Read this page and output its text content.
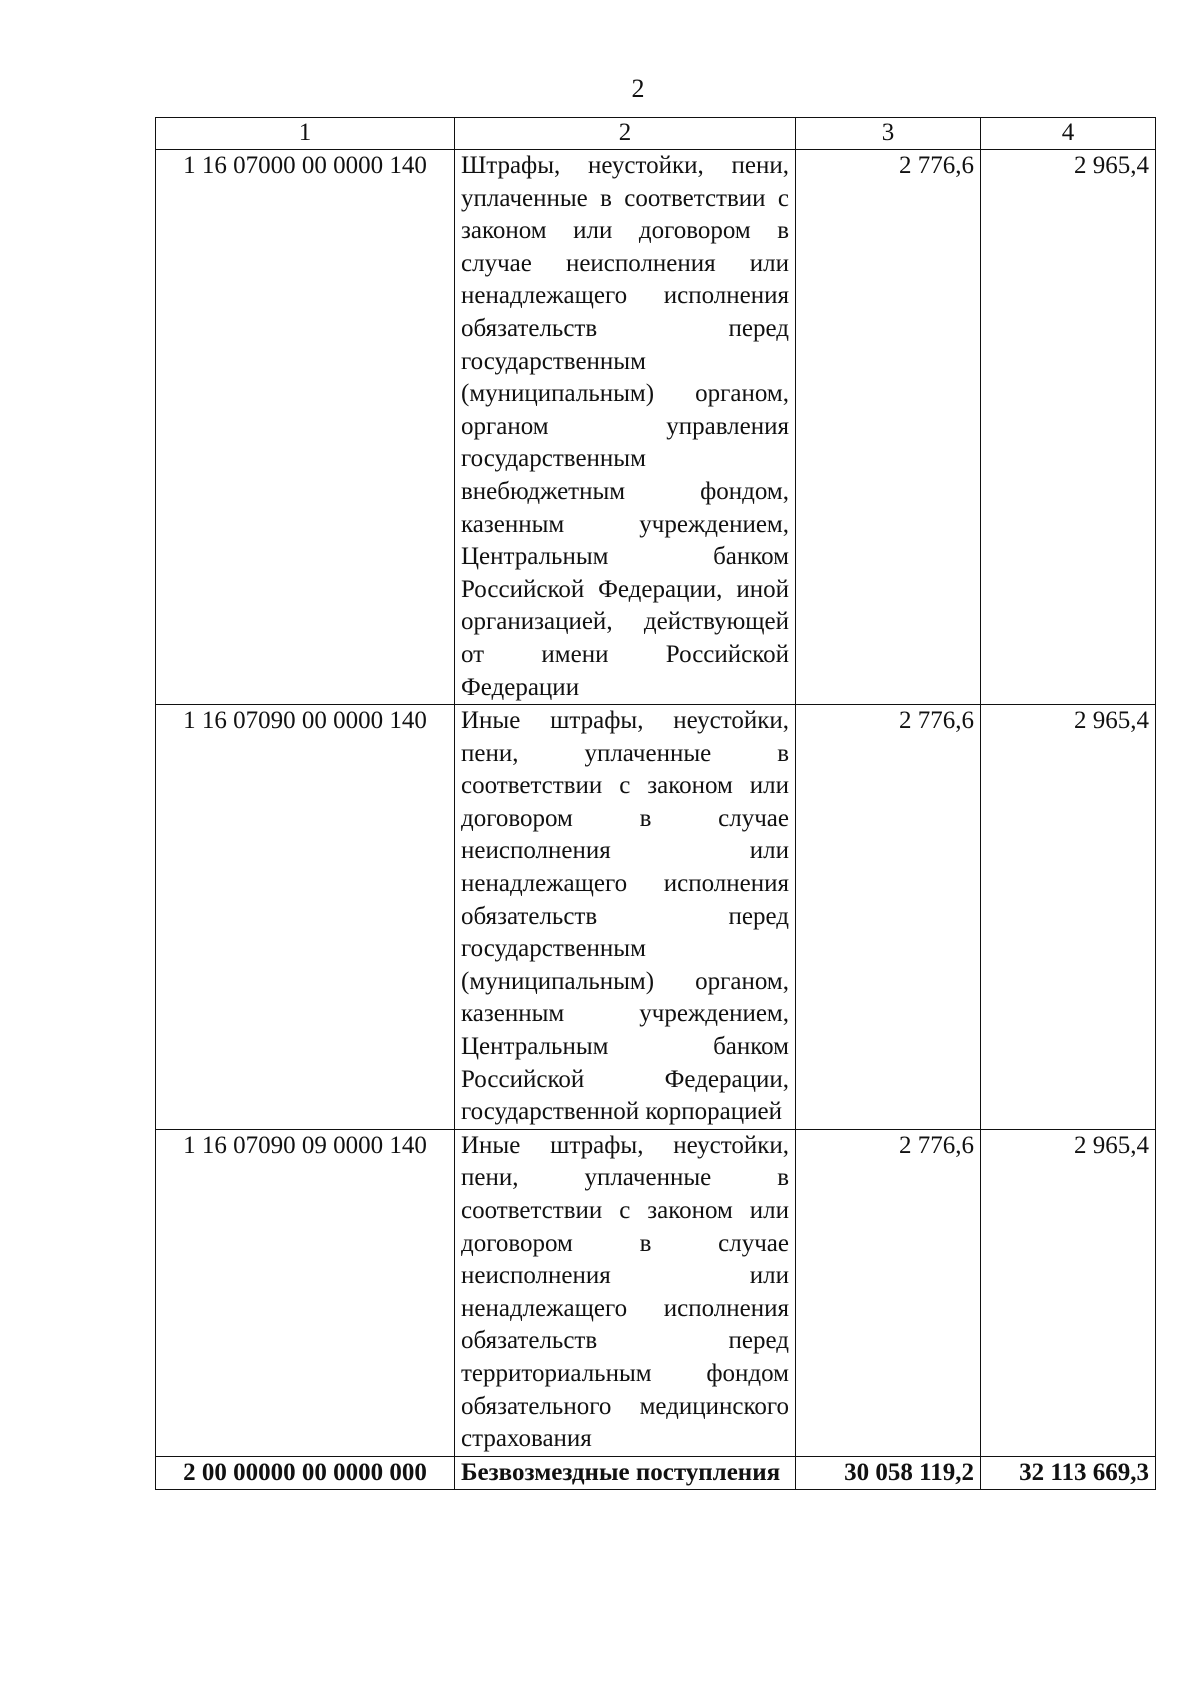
2
1	2	3	4
1 16 07000 00 0000 140	Штрафы, неустойки, пени, уплаченные в соответствии с законом или договором в случае неисполнения или ненадлежащего исполнения обязательств перед государственным (муниципальным) органом, органом управления государственным внебюджетным фондом, казенным учреждением, Центральным банком Российской Федерации, иной организацией, действующей от имени Российской Федерации	2 776,6	2 965,4
1 16 07090 00 0000 140	Иные штрафы, неустойки, пени, уплаченные в соответствии с законом или договором в случае неисполнения или ненадлежащего исполнения обязательств перед государственным (муниципальным) органом, казенным учреждением, Центральным банком Российской Федерации, государственной корпорацией	2 776,6	2 965,4
1 16 07090 09 0000 140	Иные штрафы, неустойки, пени, уплаченные в соответствии с законом или договором в случае неисполнения или ненадлежащего исполнения обязательств перед территориальным фондом обязательного медицинского страхования	2 776,6	2 965,4
2 00 00000 00 0000 000	Безвозмездные поступления	30 058 119,2	32 113 669,3
